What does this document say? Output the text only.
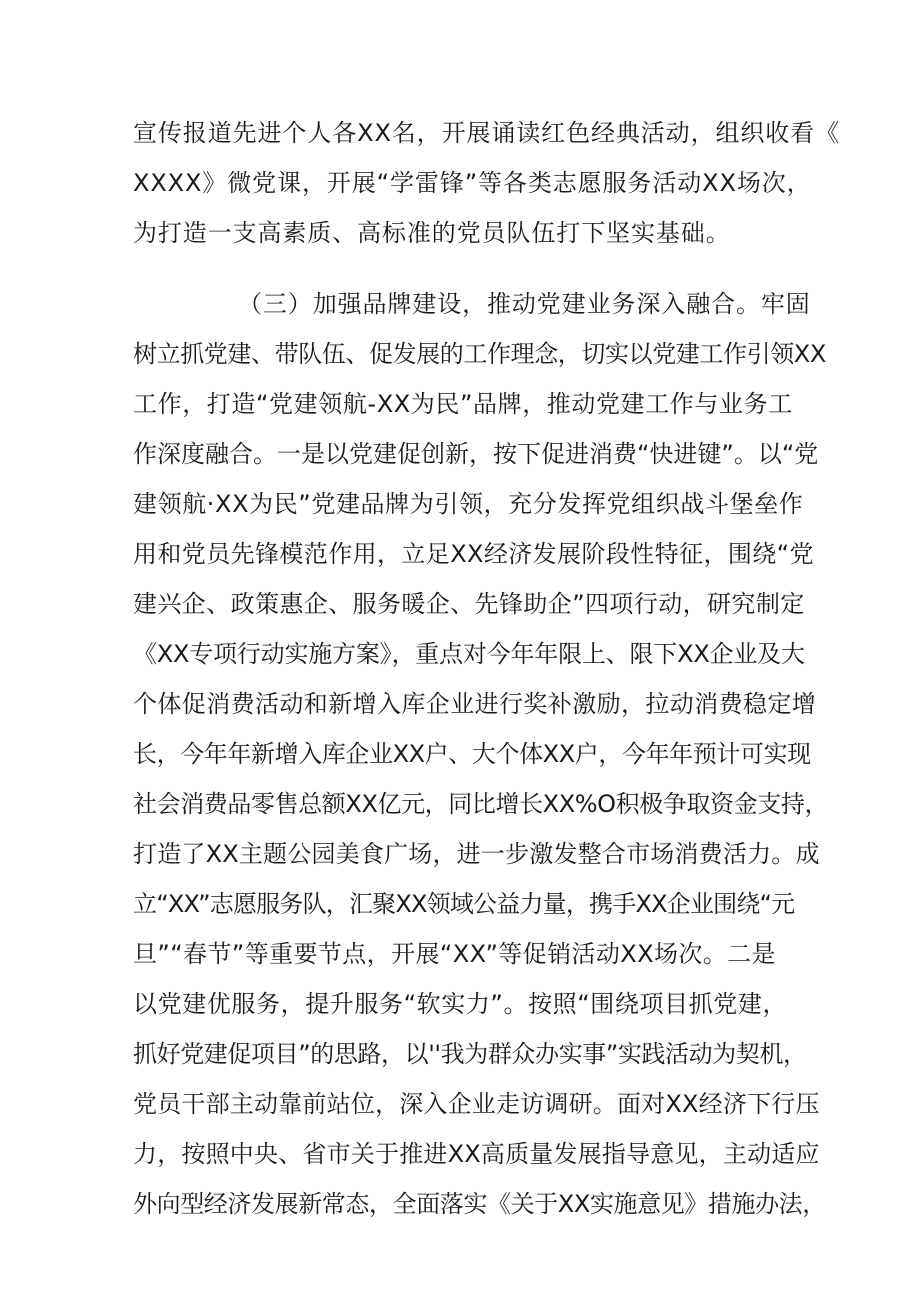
宣传报道先进个人各XX名，开展诵读红色经典活动，组织收看《
XXXX》微党课，开展“学雷锋”等各类志愿服务活动XX场次，
为打造一支高素质、高标准的党员队伍打下坚实基础。
（三）加强品牌建设，推动党建业务深入融合。牢固
树立抓党建、带队伍、促发展的工作理念，切实以党建工作引领XX
工作，打造“党建领航-XX为民”品牌，推动党建工作与业务工
作深度融合。一是以党建促创新，按下促进消费“快进键”。以“党
建领航·XX为民”党建品牌为引领，充分发挥党组织战斗堡垒作
用和党员先锋模范作用，立足XX经济发展阶段性特征，围绕“党
建兴企、政策惠企、服务暖企、先锋助企”四项行动，研究制定
《XX专项行动实施方案》，重点对今年年限上、限下XX企业及大
个体促消费活动和新增入库企业进行奖补激励，拉动消费稳定增
长，今年年新增入库企业XX户、大个体XX户，今年年预计可实现
社会消费品零售总额XX亿元，同比增长XX%O积极争取资金支持，
打造了XX主题公园美食广场，进一步激发整合市场消费活力。成
立“XX”志愿服务队，汇聚XX领域公益力量，携手XX企业围绕“元
旦”“春节”等重要节点，开展“XX”等促销活动XX场次。二是
以党建优服务，提升服务“软实力”。按照“围绕项目抓党建，
抓好党建促项目”的思路，以''我为群众办实事”实践活动为契机，
党员干部主动靠前站位，深入企业走访调研。面对XX经济下行压
力，按照中央、省市关于推进XX高质量发展指导意见，主动适应
外向型经济发展新常态，全面落实《关于XX实施意见》措施办法，
